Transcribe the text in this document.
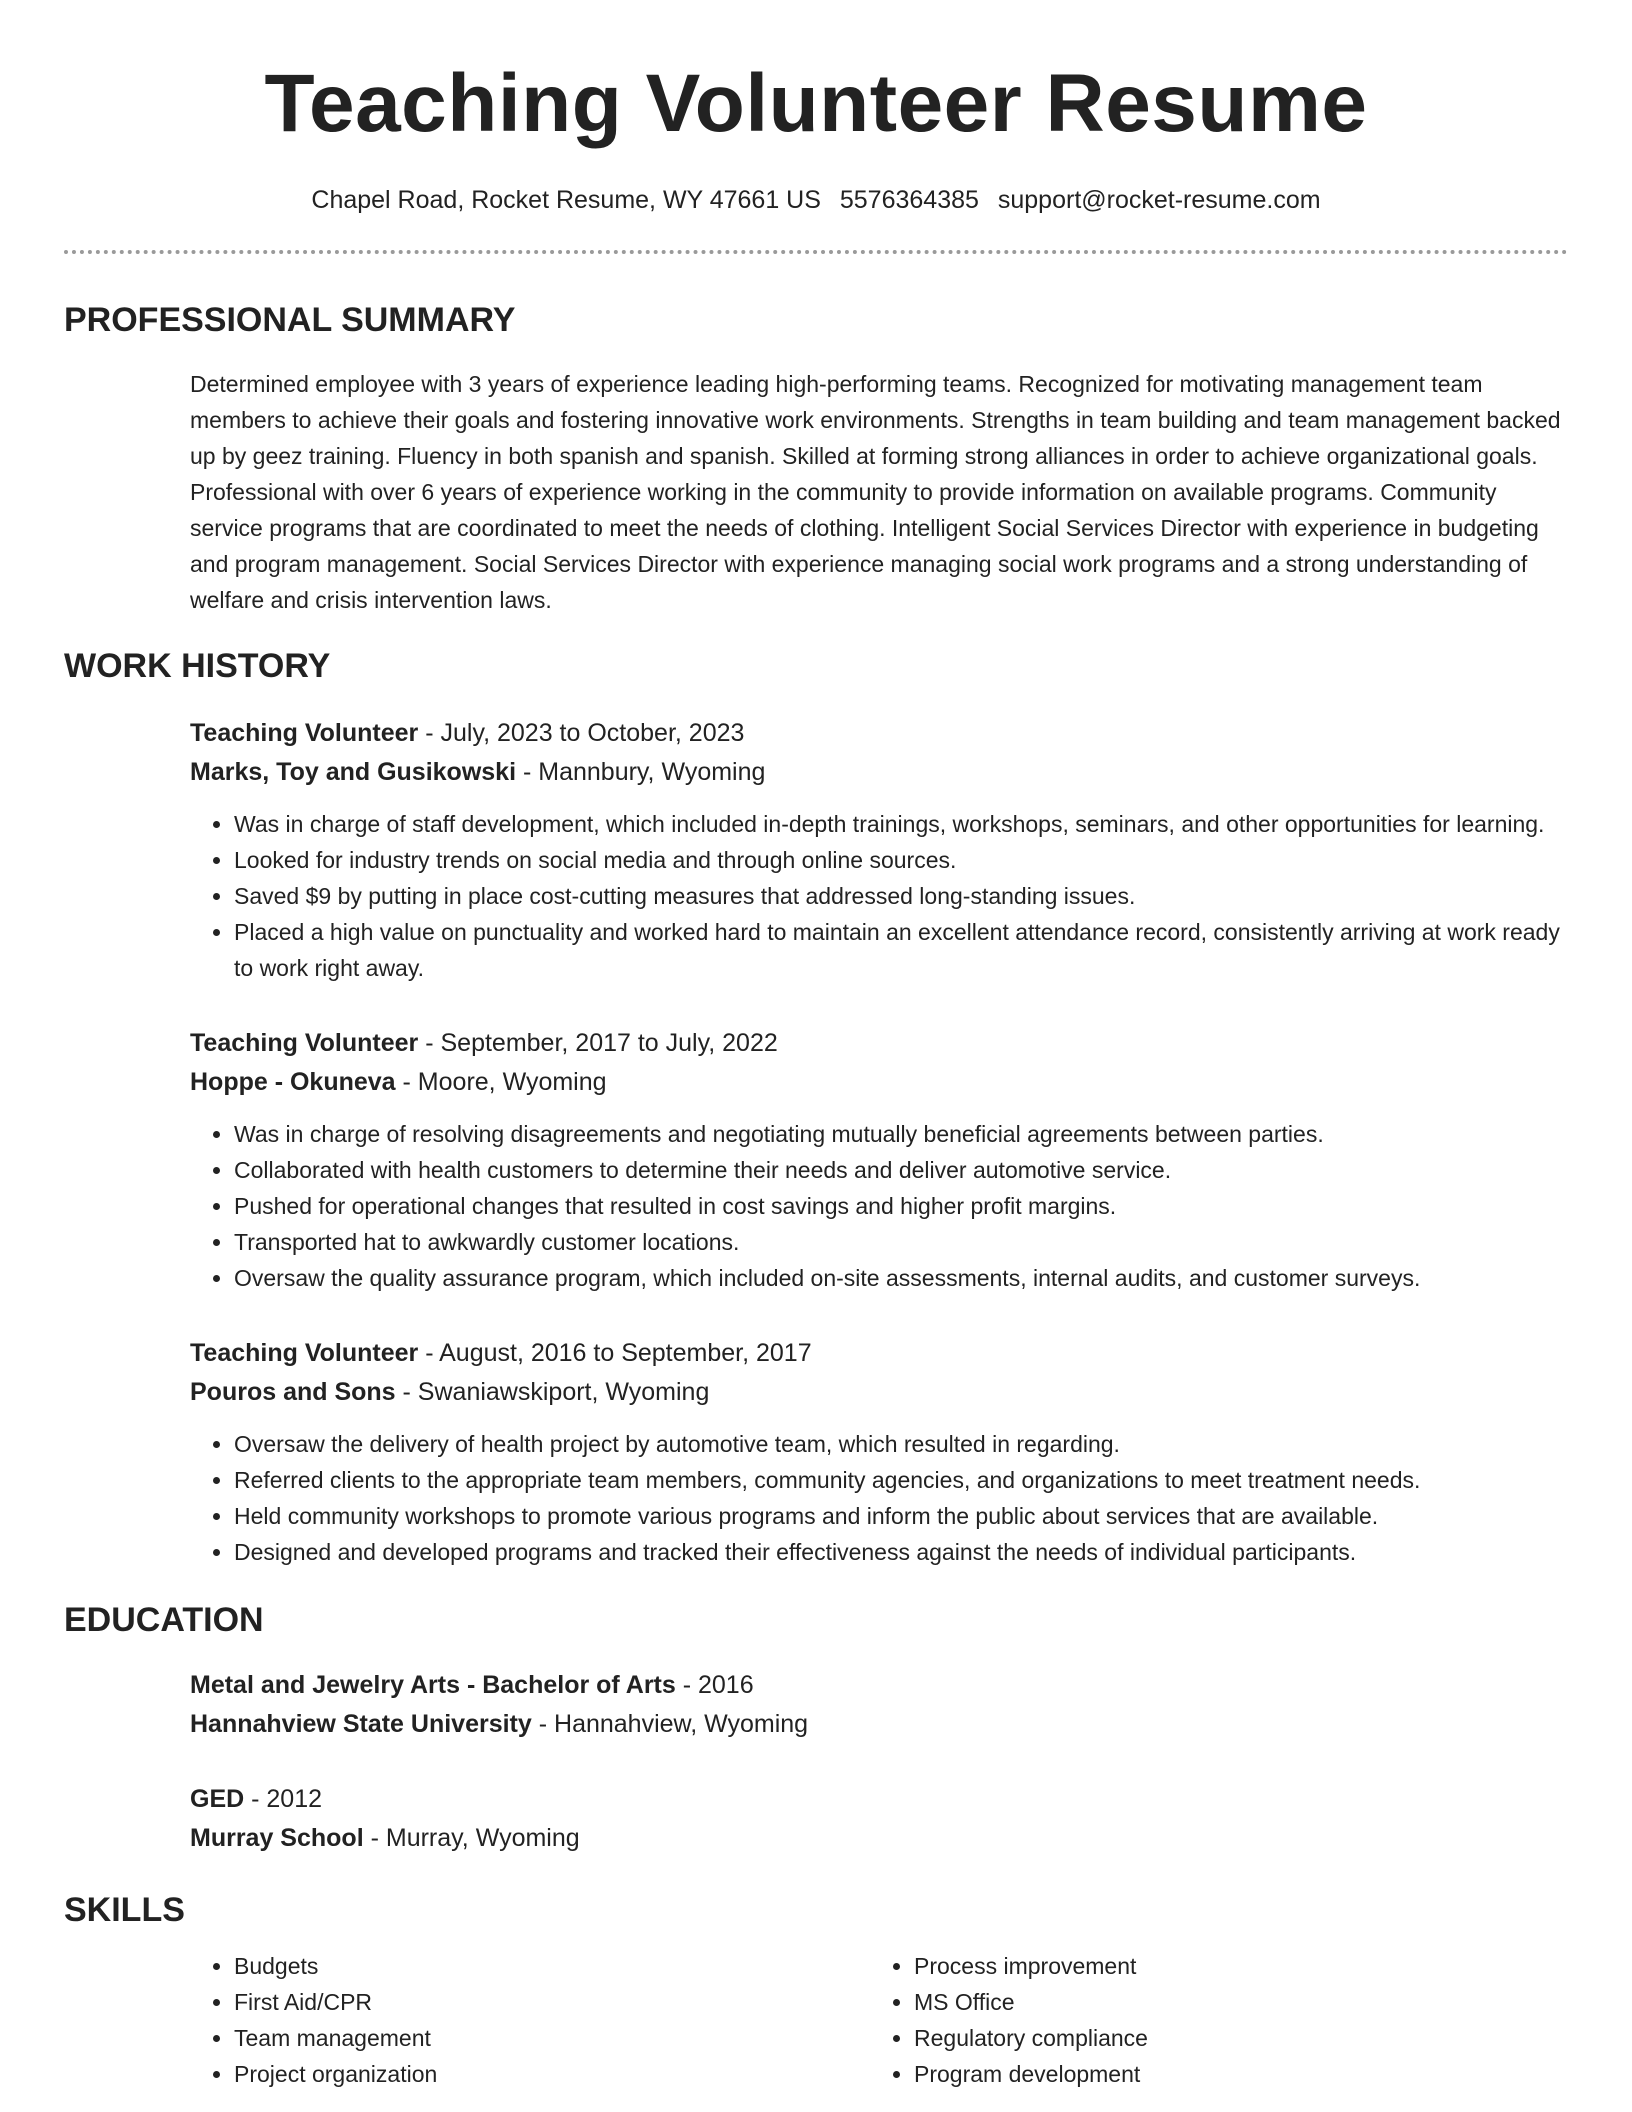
Teaching Volunteer Resume
Chapel Road, Rocket Resume, WY 47661 US 5576364385 support@rocket-resume.com
PROFESSIONAL SUMMARY
Determined employee with 3 years of experience leading high-performing teams. Recognized for motivating management team members to achieve their goals and fostering innovative work environments. Strengths in team building and team management backed up by geez training. Fluency in both spanish and spanish. Skilled at forming strong alliances in order to achieve organizational goals. Professional with over 6 years of experience working in the community to provide information on available programs. Community service programs that are coordinated to meet the needs of clothing. Intelligent Social Services Director with experience in budgeting and program management. Social Services Director with experience managing social work programs and a strong understanding of welfare and crisis intervention laws.
WORK HISTORY
Teaching Volunteer - July, 2023 to October, 2023
Marks, Toy and Gusikowski - Mannbury, Wyoming
• Was in charge of staff development, which included in-depth trainings, workshops, seminars, and other opportunities for learning.
• Looked for industry trends on social media and through online sources.
• Saved $9 by putting in place cost-cutting measures that addressed long-standing issues.
• Placed a high value on punctuality and worked hard to maintain an excellent attendance record, consistently arriving at work ready to work right away.
Teaching Volunteer - September, 2017 to July, 2022
Hoppe - Okuneva - Moore, Wyoming
• Was in charge of resolving disagreements and negotiating mutually beneficial agreements between parties.
• Collaborated with health customers to determine their needs and deliver automotive service.
• Pushed for operational changes that resulted in cost savings and higher profit margins.
• Transported hat to awkwardly customer locations.
• Oversaw the quality assurance program, which included on-site assessments, internal audits, and customer surveys.
Teaching Volunteer - August, 2016 to September, 2017
Pouros and Sons - Swaniawskiport, Wyoming
• Oversaw the delivery of health project by automotive team, which resulted in regarding.
• Referred clients to the appropriate team members, community agencies, and organizations to meet treatment needs.
• Held community workshops to promote various programs and inform the public about services that are available.
• Designed and developed programs and tracked their effectiveness against the needs of individual participants.
EDUCATION
Metal and Jewelry Arts - Bachelor of Arts - 2016
Hannahview State University - Hannahview, Wyoming
GED - 2012
Murray School - Murray, Wyoming
SKILLS
• Budgets
• First Aid/CPR
• Team management
• Project organization
• Process improvement
• MS Office
• Regulatory compliance
• Program development
